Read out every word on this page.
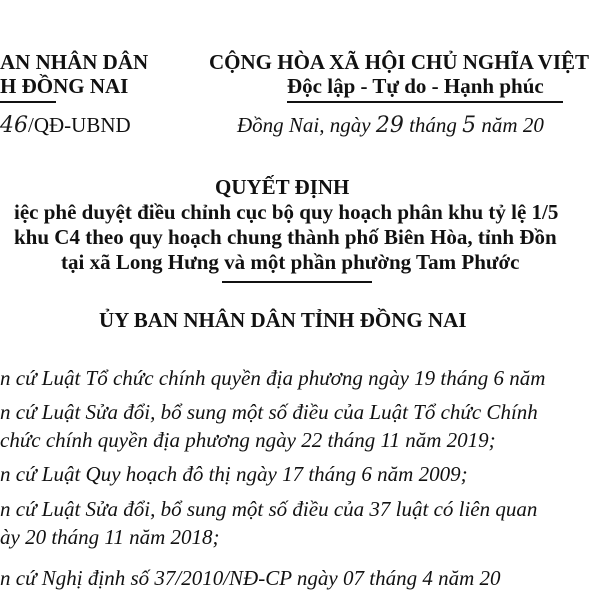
AN NHÂN DÂN
H ĐỒNG NAI
46/QĐ-UBND
CỘNG HÒA XÃ HỘI CHỦ NGHĨA VIỆT
Độc lập - Tự do - Hạnh phúc
Đồng Nai, ngày 29 tháng 5 năm 20
QUYẾT ĐỊNH
iệc phê duyệt điều chỉnh cục bộ quy hoạch phân khu tỷ lệ 1/5
khu C4 theo quy hoạch chung thành phố Biên Hòa, tỉnh Đồn
tại xã Long Hưng và một phần phường Tam Phước
ỦY BAN NHÂN DÂN TỈNH ĐỒNG NAI
n cứ Luật Tổ chức chính quyền địa phương ngày 19 tháng 6 năm
n cứ Luật Sửa đổi, bổ sung một số điều của Luật Tổ chức Chính
chức chính quyền địa phương ngày 22 tháng 11 năm 2019;
n cứ Luật Quy hoạch đô thị ngày 17 tháng 6 năm 2009;
n cứ Luật Sửa đổi, bổ sung một số điều của 37 luật có liên quan
ày 20 tháng 11 năm 2018;
n cứ Nghị định số 37/2010/NĐ-CP ngày 07 tháng 4 năm 20
